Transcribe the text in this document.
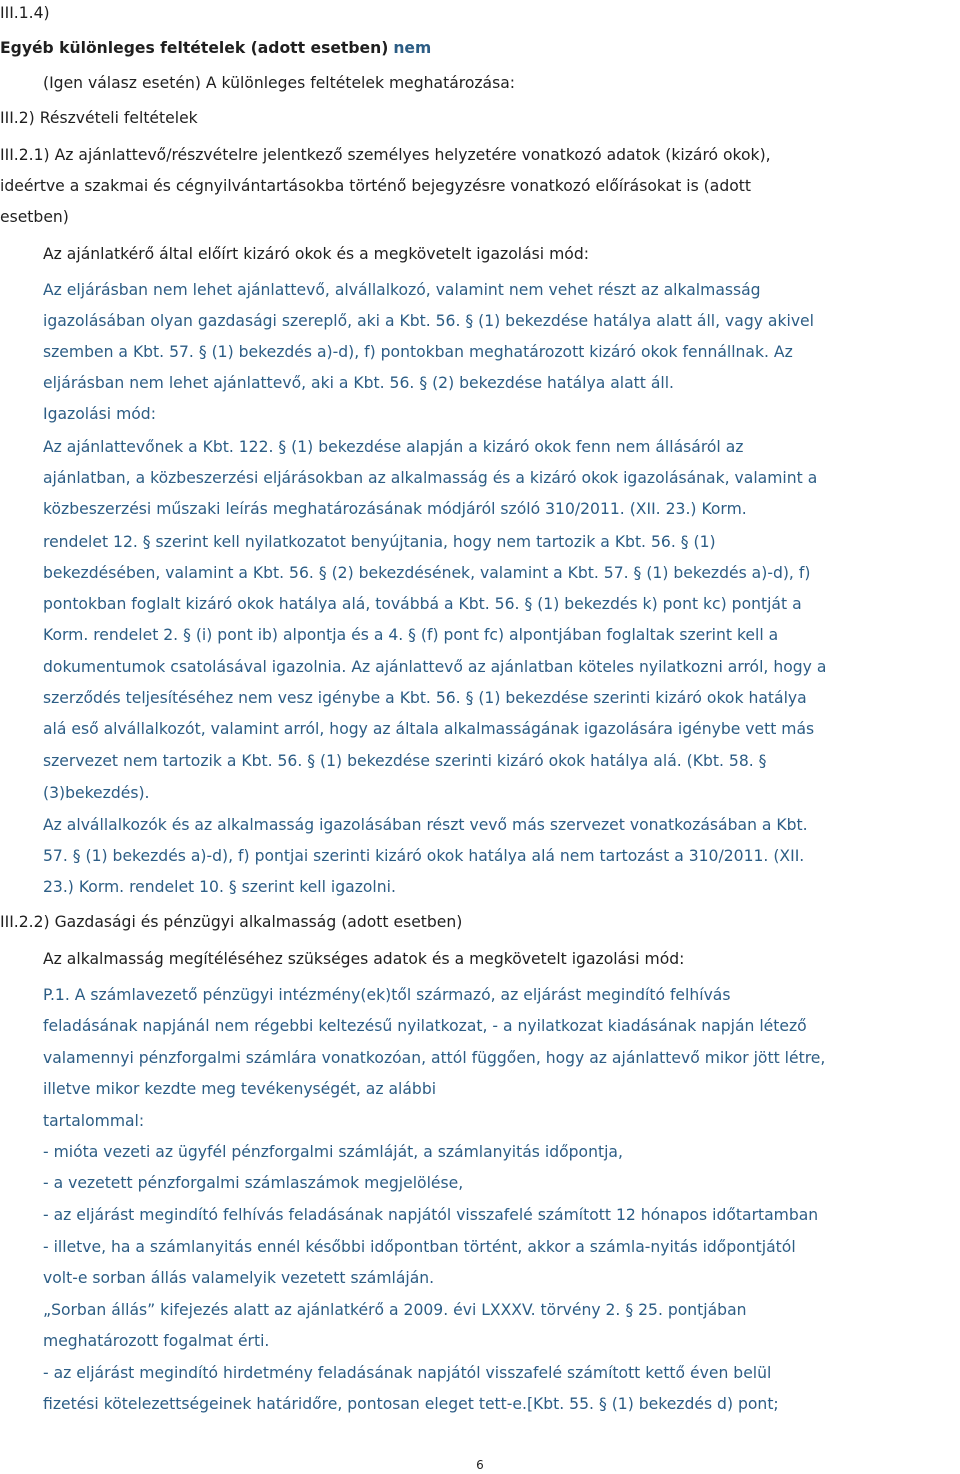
III.1.4)
Egyéb különleges feltételek (adott esetben) nem
(Igen válasz esetén) A különleges feltételek meghatározása:
III.2) Részvételi feltételek
III.2.1) Az ajánlattevő/részvételre jelentkező személyes helyzetére vonatkozó adatok (kizáró okok),
ideértve a szakmai és cégnyilvántartásokba történő bejegyzésre vonatkozó előírásokat is (adott
esetben)
Az ajánlatkérő által előírt kizáró okok és a megkövetelt igazolási mód:
Az eljárásban nem lehet ajánlattevő, alvállalkozó, valamint nem vehet részt az alkalmasság
igazolásában olyan gazdasági szereplő, aki a Kbt. 56. § (1) bekezdése hatálya alatt áll, vagy akivel
szemben a Kbt. 57. § (1) bekezdés a)-d), f) pontokban meghatározott kizáró okok fennállnak. Az
eljárásban nem lehet ajánlattevő, aki a Kbt. 56. § (2) bekezdése hatálya alatt áll.
Igazolási mód:
Az ajánlattevőnek a Kbt. 122. § (1) bekezdése alapján a kizáró okok fenn nem állásáról az
ajánlatban, a közbeszerzési eljárásokban az alkalmasság és a kizáró okok igazolásának, valamint a
közbeszerzési műszaki leírás meghatározásának módjáról szóló 310/2011. (XII. 23.) Korm.
rendelet 12. § szerint kell nyilatkozatot benyújtania, hogy nem tartozik a Kbt. 56. § (1)
bekezdésében, valamint a Kbt. 56. § (2) bekezdésének, valamint a Kbt. 57. § (1) bekezdés a)-d), f)
pontokban foglalt kizáró okok hatálya alá, továbbá a Kbt. 56. § (1) bekezdés k) pont kc) pontját a
Korm. rendelet 2. § (i) pont ib) alpontja és a 4. § (f) pont fc) alpontjában foglaltak szerint kell a
dokumentumok csatolásával igazolnia. Az ajánlattevő az ajánlatban köteles nyilatkozni arról, hogy a
szerződés teljesítéséhez nem vesz igénybe a Kbt. 56. § (1) bekezdése szerinti kizáró okok hatálya
alá eső alvállalkozót, valamint arról, hogy az általa alkalmasságának igazolására igénybe vett más
szervezet nem tartozik a Kbt. 56. § (1) bekezdése szerinti kizáró okok hatálya alá. (Kbt. 58. §
(3)bekezdés).
Az alvállalkozók és az alkalmasság igazolásában részt vevő más szervezet vonatkozásában a Kbt.
57. § (1) bekezdés a)-d), f) pontjai szerinti kizáró okok hatálya alá nem tartozást a 310/2011. (XII.
23.) Korm. rendelet 10. § szerint kell igazolni.
III.2.2) Gazdasági és pénzügyi alkalmasság (adott esetben)
Az alkalmasság megítéléséhez szükséges adatok és a megkövetelt igazolási mód:
P.1. A számlavezető pénzügyi intézmény(ek)től származó, az eljárást megindító felhívás
feladásának napjánál nem régebbi keltezésű nyilatkozat, - a nyilatkozat kiadásának napján létező
valamennyi pénzforgalmi számlára vonatkozóan, attól függően, hogy az ajánlattevő mikor jött létre,
illetve mikor kezdte meg tevékenységét, az alábbi
tartalommal:
- mióta vezeti az ügyfél pénzforgalmi számláját, a számlanyitás időpontja,
- a vezetett pénzforgalmi számlaszámok megjelölése,
- az eljárást megindító felhívás feladásának napjától visszafelé számított 12 hónapos időtartamban
- illetve, ha a számlanyitás ennél későbbi időpontban történt, akkor a számla-nyitás időpontjától
volt-e sorban állás valamelyik vezetett számláján.
„Sorban állás” kifejezés alatt az ajánlatkérő a 2009. évi LXXXV. törvény 2. § 25. pontjában
meghatározott fogalmat érti.
- az eljárást megindító hirdetmény feladásának napjától visszafelé számított kettő éven belül
fizetési kötelezettségeinek határidőre, pontosan eleget tett-e.[Kbt. 55. § (1) bekezdés d) pont;
6
